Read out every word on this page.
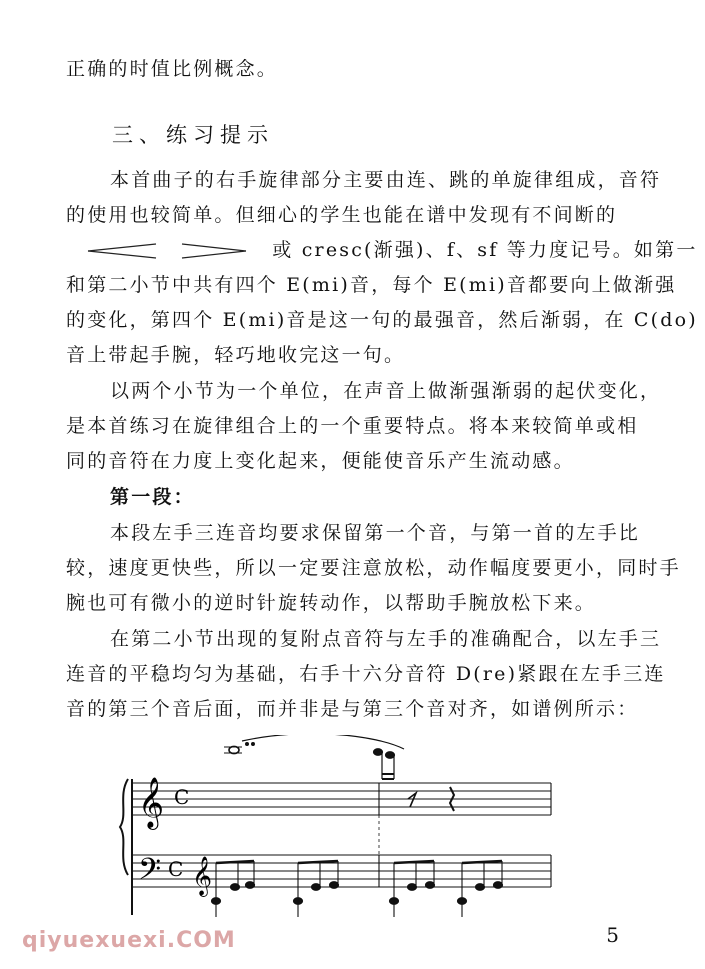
正确的时值比例概念。

三、练习提示

本首曲子的右手旋律部分主要由连、跳的单旋律组成，音符

的使用也较简单。但细心的学生也能在谱中发现有不间断的

或 cresc(渐强)、f、sf 等力度记号。如第一

和第二小节中共有四个 E(mi)音，每个 E(mi)音都要向上做渐强

的变化，第四个 E(mi)音是这一句的最强音，然后渐弱，在 C(do)

音上带起手腕，轻巧地收完这一句。

以两个小节为一个单位，在声音上做渐强渐弱的起伏变化，

是本首练习在旋律组合上的一个重要特点。将本来较简单或相

同的音符在力度上变化起来，便能使音乐产生流动感。

第一段：

本段左手三连音均要求保留第一个音，与第一首的左手比

较，速度更快些，所以一定要注意放松，动作幅度要更小，同时手

腕也可有微小的逆时针旋转动作，以帮助手腕放松下来。

在第二小节出现的复附点音符与左手的准确配合，以左手三

连音的平稳均匀为基础，右手十六分音符 D(re)紧跟在左手三连

音的第三个音后面，而并非是与第三个音对齐，如谱例所示：

𝄞
𝄢
C
C 𝄞
qiyuexuexi.COM	5
